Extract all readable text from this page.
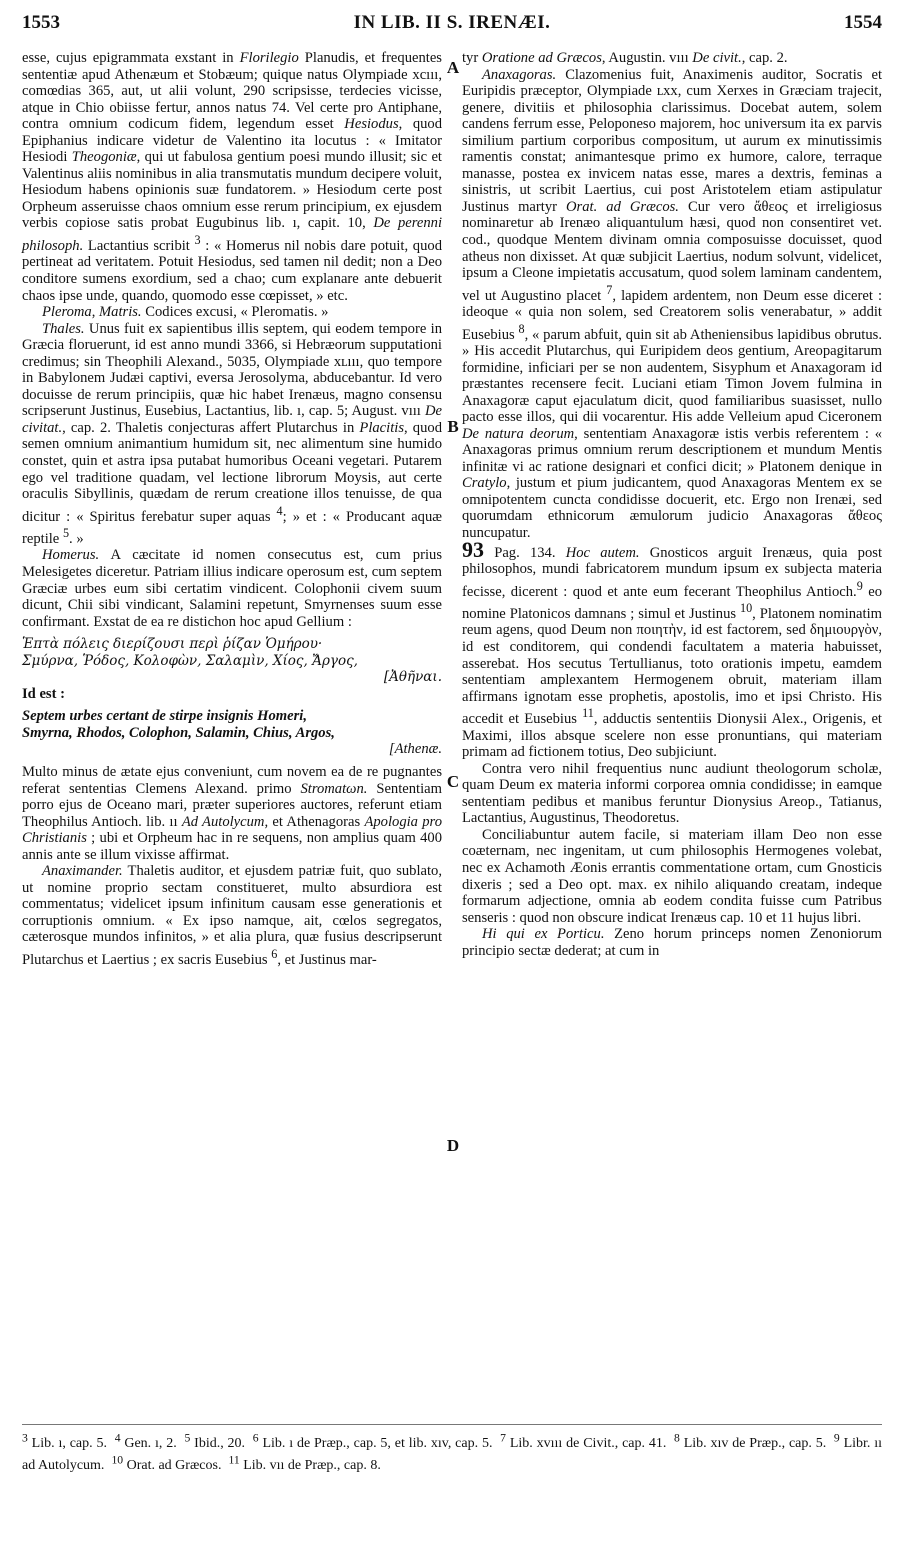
1553	IN LIB. II S. IRENÆI.	1554
A
B
C
D

esse, cujus epigrammata exstant in Florilegio Planudis, et frequentes sententiæ apud Athenæum et Stobæum; quique natus Olympiade xcııı, comœdias 365, aut, ut alii volunt, 290 scripsisse, terdecies vicisse, atque in Chio obiisse fertur, annos natus 74. Vel certe pro Antiphane, contra omnium codicum fidem, legendum esset Hesiodus, quod Epiphanius indicare videtur de Valentino ita locutus : « Imitator Hesiodi Theogoniæ, qui ut fabulosa gentium poesi mundo illusit; sic et Valentinus aliis nominibus in alia transmutatis mundum decipere voluit, Hesiodum habens opinionis suæ fundatorem. » Hesiodum certe post Orpheum asseruisse chaos omnium esse rerum principium, ex ejusdem verbis copiose satis probat Eugubinus lib. ı, capit. 10, De perenni philosoph. Lactantius scribit $^3$ : « Homerus nil nobis dare potuit, quod pertineat ad veritatem. Potuit Hesiodus, sed tamen nil dedit; non a Deo conditore sumens exordium, sed a chao; cum explanare ante debuerit chaos ipse unde, quando, quomodo esse cœpisset, » etc.

Pleroma, Matris. Codices excusi, « Pleromatis. »

Thales. Unus fuit ex sapientibus illis septem, qui eodem tempore in Græcia floruerunt, id est anno mundi 3366, si Hebræorum supputationi credimus; sin Theophili Alexand., 5035, Olympiade xʟııı, quo tempore in Babylonem Judæi captivi, eversa Jerosolyma, abducebantur. Id vero docuisse de rerum principiis, quæ hic habet Irenæus, magno consensu scripserunt Justinus, Eusebius, Lactantius, lib. ı, cap. 5; August. vııı De civitat., cap. 2. Thaletis conjecturas affert Plutarchus in Placitis, quod semen omnium animantium humidum sit, nec alimentum sine humido constet, quin et astra ipsa putabat humoribus Oceani vegetari. Putarem ego vel traditione quadam, vel lectione librorum Moysis, aut certe oraculis Sibyllinis, quædam de rerum creatione illos tenuisse, de qua dicitur : « Spiritus ferebatur super aquas $^4$; » et : « Producant aquæ reptile $^5$. »

Homerus. A cæcitate id nomen consecutus est, cum prius Melesigetes diceretur. Patriam illius indicare operosum est, cum septem Græciæ urbes eum sibi certatim vindicent. Colophonii civem suum dicunt, Chii sibi vindicant, Salamini repetunt, Smyrnenses suum esse confirmant. Exstat de ea re distichon hoc apud Gellium :

Ἑπτὰ πόλεις διερίζουσι περὶ ῥίζαν Ὁμήρου·

Σμύρνα, Ῥόδος, Κολοφὼν, Σαλαμὶν, Χίος, Ἄργος,

[Ἀθῆναι.

Id est :

Septem urbes certant de stirpe insignis Homeri,

Smyrna, Rhodos, Colophon, Salamin, Chius, Argos,

[Athenæ.

Multo minus de ætate ejus conveniunt, cum novem ea de re pugnantes referat sententias Clemens Alexand. primo Stromatωn. Sententiam porro ejus de Oceano mari, præter superiores auctores, referunt etiam Theophilus Antioch. lib. ıı Ad Autolycum, et Athenagoras Apologia pro Christianis ; ubi et Orpheum hac in re sequens, non amplius quam 400 annis ante se illum vixisse affirmat.

Anaximander. Thaletis auditor, et ejusdem patriæ fuit, quo sublato, ut nomine proprio sectam constitueret, multo absurdiora est commentatus; videlicet ipsum infinitum causam esse generationis et corruptionis omnium. « Ex ipso namque, ait, cœlos segregatos, cæterosque mundos infinitos, » et alia plura, quæ fusius descripserunt Plutarchus et Laertius ; ex sacris Eusebius $^6$, et Justinus mar-

tyr Oratione ad Græcos, Augustin. vııı De civit., cap. 2.

Anaxagoras. Clazomenius fuit, Anaximenis auditor, Socratis et Euripidis præceptor, Olympiade ʟxx, cum Xerxes in Græciam trajecit, genere, divitiis et philosophia clarissimus. Docebat autem, solem candens ferrum esse, Peloponeso majorem, hoc universum ita ex parvis similium partium corporibus compositum, ut aurum ex minutissimis ramentis constat; animantesque primo ex humore, calore, terraque manasse, postea ex invicem natas esse, mares a dextris, feminas a sinistris, ut scribit Laertius, cui post Aristotelem etiam astipulatur Justinus martyr Orat. ad Græcos. Cur vero ἄθεος et irreligiosus nominaretur ab Irenæo aliquantulum hæsi, quod non consentiret vet. cod., quodque Mentem divinam omnia composuisse docuisset, quod atheus non dixisset. At quæ subjicit Laertius, nodum solvunt, videlicet, ipsum a Cleone impietatis accusatum, quod solem laminam candentem, vel ut Augustino placet $^7$, lapidem ardentem, non Deum esse diceret : ideoque « quia non solem, sed Creatorem solis venerabatur, » addit Eusebius $^8$, « parum abfuit, quin sit ab Atheniensibus lapidibus obrutus. » His accedit Plutarchus, qui Euripidem deos gentium, Areopagitarum formidine, inficiari per se non audentem, Sisyphum et Anaxagoram id præstantes recensere fecit. Luciani etiam Timon Jovem fulmina in Anaxagoræ caput ejaculatum dicit, quod familiaribus suasisset, nullo pacto esse illos, qui dii vocarentur. His adde Velleium apud Ciceronem De natura deorum, sententiam Anaxagoræ istis verbis referentem : « Anaxagoras primus omnium rerum descriptionem et mundum Mentis infinitæ vi ac ratione designari et confici dicit; » Platonem denique in Cratylo, justum et pium judicantem, quod Anaxagoras Mentem ex se omnipotentem cuncta condidisse docuerit, etc. Ergo non Irenæi, sed quorumdam ethnicorum æmulorum judicio Anaxagoras ἄθεος nuncupatur.

93 Pag. 134. Hoc autem. Gnosticos arguit Irenæus, quia post philosophos, mundi fabricatorem mundum ipsum ex subjecta materia fecisse, dicerent : quod et ante eum fecerant Theophilus Antioch.$^9$ eo nomine Platonicos damnans ; simul et Justinus $^{10}$, Platonem nominatim reum agens, quod Deum non ποιητὴν, id est factorem, sed δημιουργὸν, id est conditorem, qui condendi facultatem a materia habuisset, asserebat. Hos secutus Tertullianus, toto orationis impetu, eamdem sententiam amplexantem Hermogenem obruit, materiam illam affirmans ignotam esse prophetis, apostolis, imo et ipsi Christo. His accedit et Eusebius $^{11}$, adductis sententiis Dionysii Alex., Origenis, et Maximi, illos absque scelere non esse pronuntians, qui materiam primam ad fictionem totius, Deo subjiciunt.

Contra vero nihil frequentius nunc audiunt theologorum scholæ, quam Deum ex materia informi corporea omnia condidisse; in eamque sententiam pedibus et manibus feruntur Dionysius Areop., Tatianus, Lactantius, Augustinus, Theodoretus.

Conciliabuntur autem facile, si materiam illam Deo non esse coæternam, nec ingenitam, ut cum philosophis Hermogenes volebat, nec ex Achamoth Æonis errantis commentatione ortam, cum Gnosticis dixeris ; sed a Deo opt. max. ex nihilo aliquando creatam, indeque formarum adjectione, omnia ab eodem condita fuisse cum Patribus senseris : quod non obscure indicat Irenæus cap. 10 et 11 hujus libri.

Hi qui ex Porticu. Zeno horum princeps nomen Zenoniorum principio sectæ dederat; at cum in

$^3$ Lib. ı, cap. 5. $^4$ Gen. ı, 2. $^5$ Ibid., 20. $^6$ Lib. ı de Præp., cap. 5, et lib. xıv, cap. 5. $^7$ Lib. xvııı de Civit., cap. 41. $^8$ Lib. xıv de Præp., cap. 5. $^9$ Libr. ıı ad Autolycum. $^{10}$ Orat. ad Græcos. $^{11}$ Lib. vıı de Præp., cap. 8.
